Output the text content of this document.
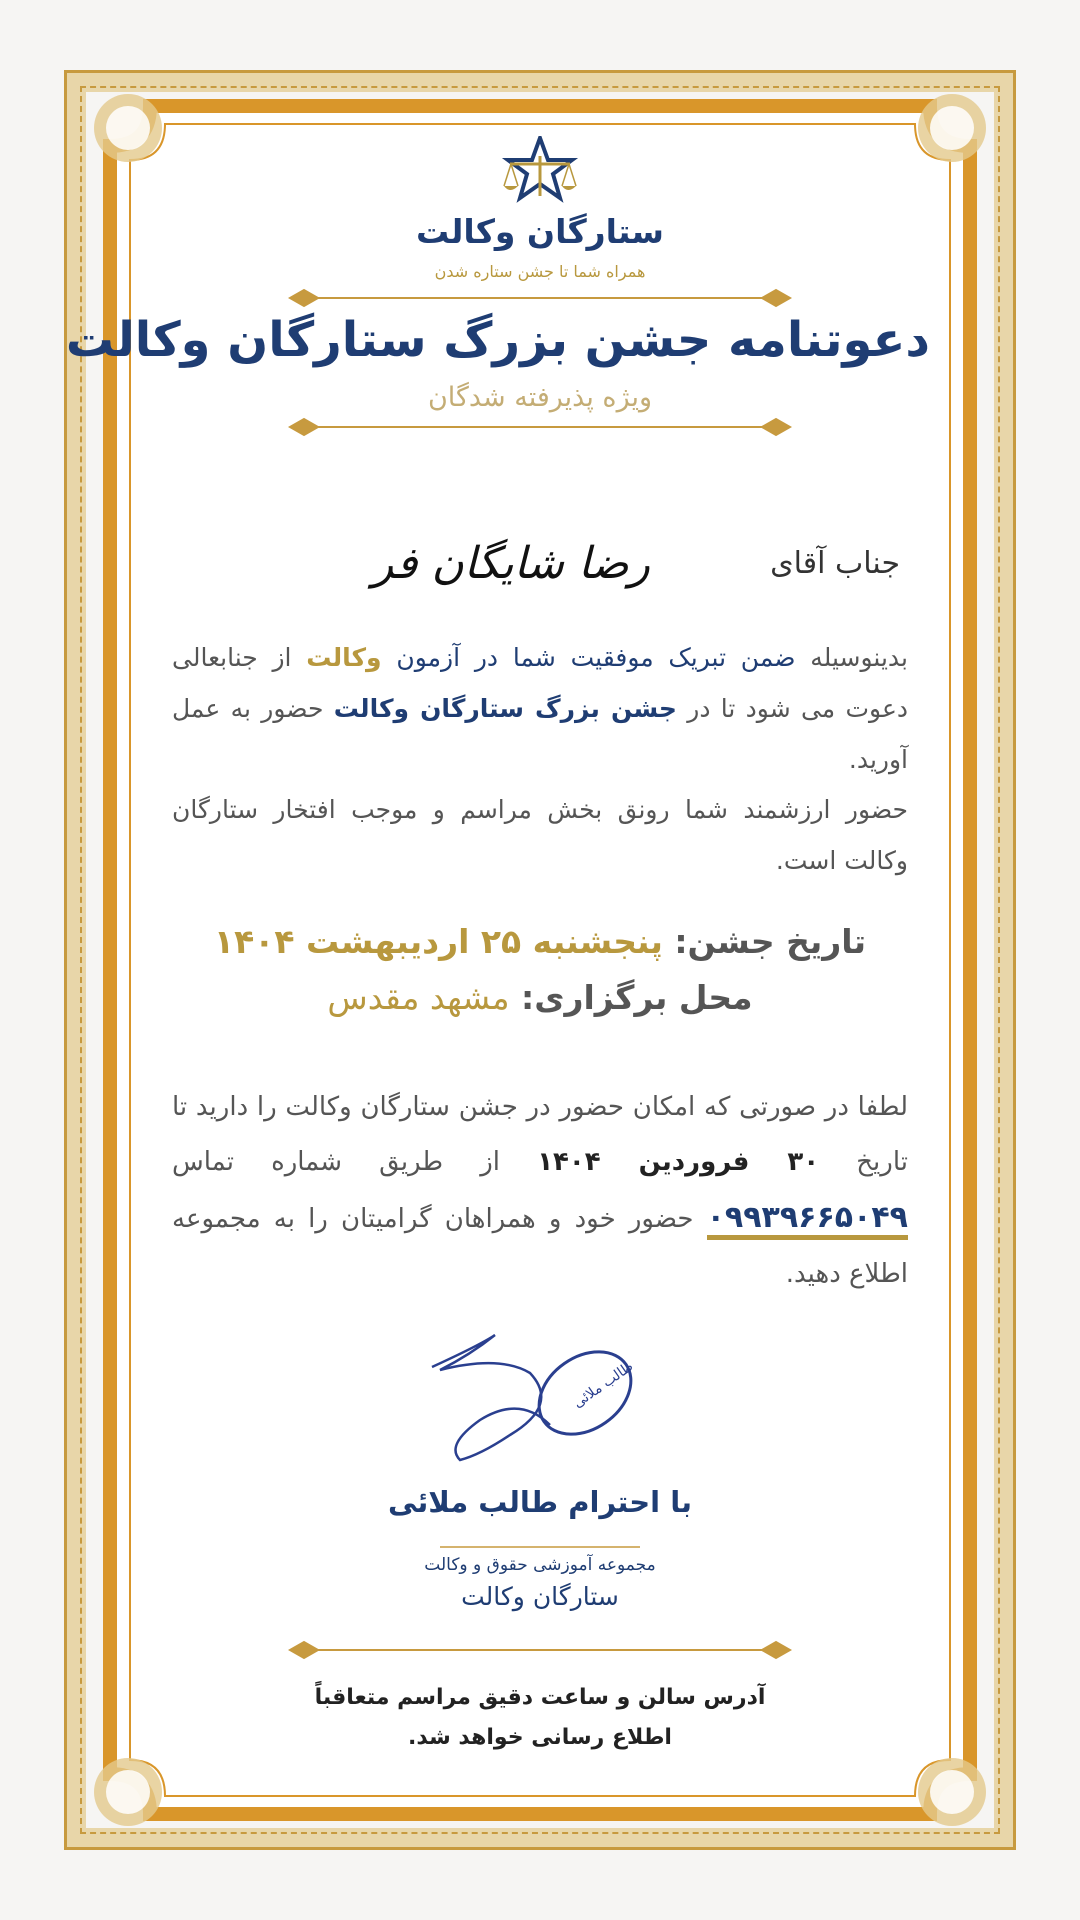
ستارگان وکالت
همراه شما تا جشن ستاره شدن
دعوتنامه جشن بزرگ ستارگان وکالت
ویژه پذیرفته شدگان
جناب آقای
رضا شایگان فر
بدینوسیله ضمن تبریک موفقیت شما در آزمون وکالت از جنابعالی دعوت می شود تا در جشن بزرگ ستارگان وکالت حضور به عمل آورید.
حضور ارزشمند شما رونق بخش مراسم و موجب افتخار ستارگان وکالت است.
تاریخ جشن: پنجشنبه ۲۵ اردیبهشت ۱۴۰۴
محل برگزاری: مشهد مقدس
لطفا در صورتی که امکان حضور در جشن ستارگان وکالت را دارید تا تاریخ ۳۰ فروردین ۱۴۰۴ از طریق شماره تماس ۰۹۹۳۹۶۶۵۰۴۹ حضور خود و همراهان گرامیتان را به مجموعه اطلاع دهید.
طالب ملائی
با احترام طالب ملائی
مجموعه آموزشی حقوق و وکالت
ستارگان وکالت
آدرس سالن و ساعت دقیق مراسم متعاقباً
اطلاع رسانی خواهد شد.
